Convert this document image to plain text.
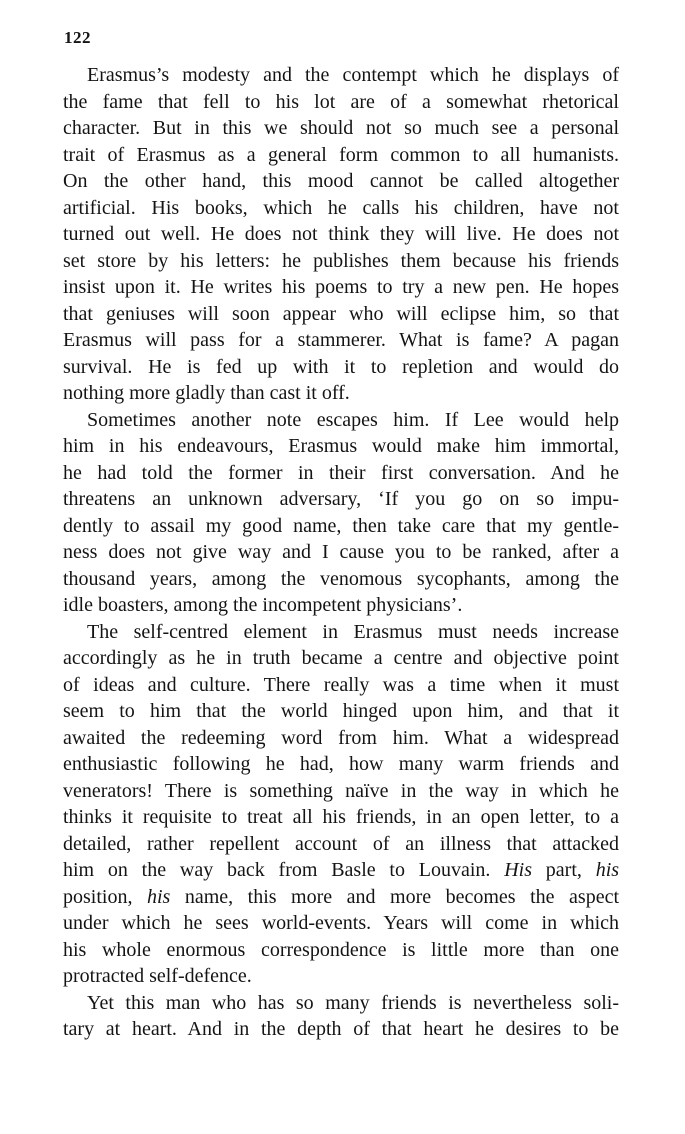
122
Erasmus’s modesty and the contempt which he displays of
the fame that fell to his lot are of a somewhat rhetorical
character. But in this we should not so much see a personal
trait of Erasmus as a general form common to all humanists.
On the other hand, this mood cannot be called altogether
artificial. His books, which he calls his children, have not
turned out well. He does not think they will live. He does not
set store by his letters: he publishes them because his friends
insist upon it. He writes his poems to try a new pen. He hopes
that geniuses will soon appear who will eclipse him, so that
Erasmus will pass for a stammerer. What is fame? A pagan
survival. He is fed up with it to repletion and would do
nothing more gladly than cast it off.
Sometimes another note escapes him. If Lee would help
him in his endeavours, Erasmus would make him immortal,
he had told the former in their first conversation. And he
threatens an unknown adversary, ‘If you go on so impu-
dently to assail my good name, then take care that my gentle-
ness does not give way and I cause you to be ranked, after a
thousand years, among the venomous sycophants, among the
idle boasters, among the incompetent physicians’.
The self-centred element in Erasmus must needs increase
accordingly as he in truth became a centre and objective point
of ideas and culture. There really was a time when it must
seem to him that the world hinged upon him, and that it
awaited the redeeming word from him. What a widespread
enthusiastic following he had, how many warm friends and
venerators! There is something naïve in the way in which he
thinks it requisite to treat all his friends, in an open letter, to a
detailed, rather repellent account of an illness that attacked
him on the way back from Basle to Louvain. His part, his
position, his name, this more and more becomes the aspect
under which he sees world-events. Years will come in which
his whole enormous correspondence is little more than one
protracted self-defence.
Yet this man who has so many friends is nevertheless soli-
tary at heart. And in the depth of that heart he desires to be
